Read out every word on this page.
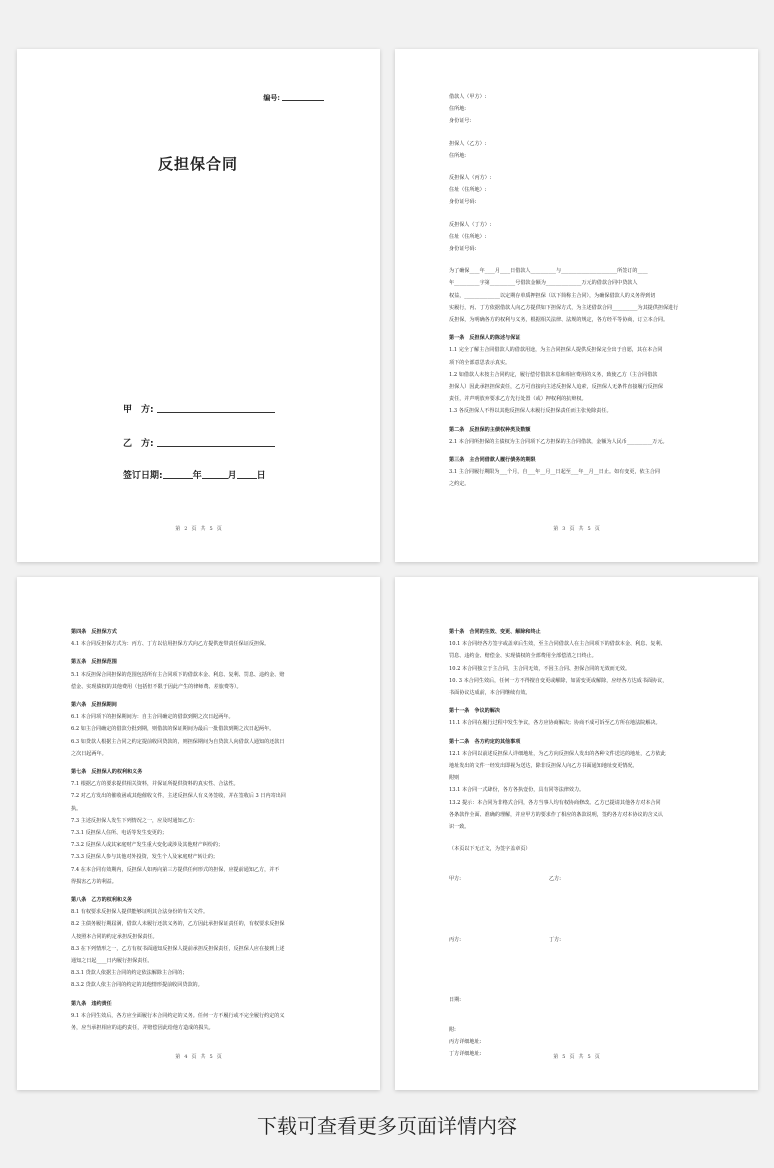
编号:
反担保合同
甲　方:
乙　方:
签订日期:	年	月 日
第 2 页 共 5 页

借款人（甲方）:

住所地:

身份证号:

担保人（乙方）:

住所地:

反担保人（丙方）:

住址（住所地）:

身份证号码:

反担保人（丁方）:

住址（住所地）:

身份证号码:

为了确保____年____月____日借款人__________与______________________所签订的____

年__________字第__________号借款金额为______________万元的借款合同中贷款人

权益，______________以定期存单质押担保（以下简称主合同），为确保借款人的义务得到切

实履行，丙、丁方依据借款人向乙方提供如下担保方式，为主述借款合同__________为其提供担保进行

反担保，为明确各方的权利与义务，根据相关法律、法规的规定，各方经平等协商，订立本合同。

第一条　反担保人的陈述与保证

1.1 完全了解主合同借款人的借款用途，为主合同担保人提供反担保完全出于自愿，其在本合同

项下的全部意思表示真实。

1.2 如借款人未按主合同约定，履行偿付借款本息和相应费用的义务，致使乙方（主合同借款

担保人）因此承担担保责任，乙方可直接向主述反担保人追索，反担保人无条件直接履行反担保

责任，并声明放弃要求乙方先行处置（或）押权利的抗辩权。

1.3 各反担保人不得以其他反担保人未履行反担保责任而主张免除责任。

第二条　反担保的主债权种类及数额

2.1 本合同所担保的主债权为主合同项下乙方担保的主合同借款，金额为人民币__________万元。

第三条　主合同借款人履行债务的期限

3.1 主合同履行期限为___个月，自___年__月__日起至___年__月__日止。如有变更，依主合同

之约定。

第 3 页 共 5 页

第四条　反担保方式

4.1 本合同反担保方式为：丙方、丁方以信用担保方式向乙方提供连带责任保证反担保。

第五条　反担保范围

5.1 本反担保合同担保的范围包括所有主合同项下的借款本金、利息、复利、罚息、违约金、赔

偿金、实现债权的其他费用（包括但不限于因此产生的律师费、差旅费等）。

第六条　反担保期间

6.1 本合同项下的担保期间为：自主合同确定的借款到期之次日起两年。

6.2 如主合同确定的借款分批到期，则借款的保证期间为最后一批借款到期之次日起两年。

6.3 如贷款人根据主合同之约定提前收回贷款的，则担保期间为自贷款人向借款人通知的还款日

之次日起两年。

第七条　反担保人的权利和义务

7.1 根据乙方的要求提供相关资料，并保证所提供资料的真实性、合法性。

7.2 对乙方发出的催收函或其他催收文件，主述反担保人有义务签收，并在签收后 3 日内寄出回

执。

7.3 主述反担保人发生下列情况之一，应及时通知乙方：

7.3.1 反担保人住所、电话等发生变更的；

7.3.2 反担保人或其家庭财产发生重大变化或涉及其他财产纠纷的；

7.3.3 反担保人参与其他对外投资，发生个人及家庭财产转让的；

7.4 在本合同有效期内，反担保人如再向第三方提供任何形式的担保，应提前通知乙方，并不

得损害乙方的利益。

第八条　乙方的权利和义务

8.1 有权要求反担保人提供能够证明其合法身份的有关文件。

8.2 主债务履行期届满，借款人未履行还款义务的，乙方因此承担保证责任的，有权要求反担保

人按照本合同的约定承担反担保责任。

8.3 在下列情形之一，乙方有权书面通知反担保人提前承担反担保责任，反担保人应在接到上述

通知之日起____日内履行担保责任。

8.3.1 贷款人依据主合同的约定依法解除主合同的；

8.3.2 贷款人依主合同的约定的其他情形提前收回贷款的。

第九条　违约责任

9.1 本合同生效后，各方应全面履行本合同约定的义务。任何一方不履行或不完全履行约定的义

务，应当承担相应的违约责任，并赔偿因此给他方造成的损失。

第 4 页 共 5 页

第十条　合同的生效、变更、解除和终止

10.1 本合同经各方签字或盖章后生效，至主合同借款人在主合同项下的借款本金、利息、复利、

罚息、违约金、赔偿金、实现债权的全部费用全部偿清之日终止。

10.2 本合同独立于主合同，主合同无效，不因主合同、担保合同的无效而无效。

10. 3 本合同生效后，任何一方不得擅自变更或解除，如需变更或解除，应经各方达成书面协议，

书面协议达成前，本合同继续有效。

第十一条　争议的解决

11.1 本合同在履行过程中发生争议，各方应协商解决；协商不成可诉至乙方所在地法院解决。

第十二条　各方约定的其他事项

12.1 本合同以前述反担保人详细地址，为乙方向反担保人发出的各种文件送达的地址，乙方依此

地址发出的文件一经发出即视为送达，除非反担保人向乙方书面通知地址变更情况。

附则

13.1 本合同一式肆份，各方各执壹份，具有同等法律效力。

13.2 提示：本合同为非格式合同，各方当事人均有权协商修改。乙方已提请其他各方对本合同

各条款作全面、准确的理解，并应甲方的要求作了相应的条款说明，签约各方对本协议的含义认

识一致。

（本页以下无正文，为签字盖章页）

甲方:	乙方:
丙方:	丁方:

日期:

附:

丙方详细地址:

丁方详细地址:	第 5 页 共 5 页
下载可查看更多页面详情内容
